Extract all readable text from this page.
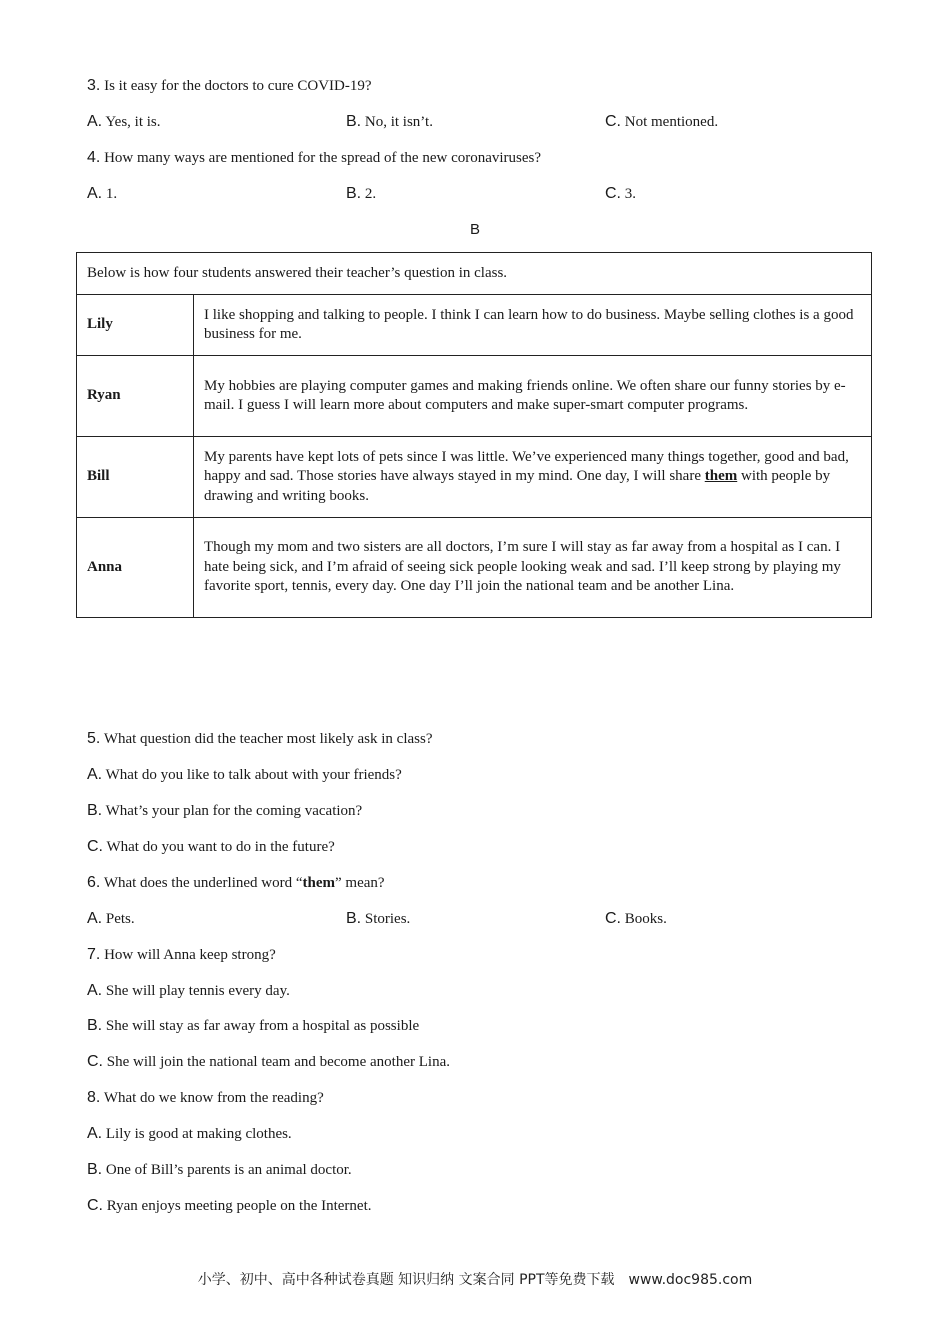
3. Is it easy for the doctors to cure COVID-19?
A. Yes, it is.	B. No, it isn’t.	C. Not mentioned.
4. How many ways are mentioned for the spread of the new coronaviruses?
A. 1.	B. 2.	C. 3.
B
Below is how four students answered their teacher’s question in class.	
Lily	I like shopping and talking to people. I think I can learn how to do business. Maybe selling clothes is a good business for me.
Ryan	My hobbies are playing computer games and making friends online. We often share our funny stories by e-mail. I guess I will learn more about computers and make super-smart computer programs.
Bill	My parents have kept lots of pets since I was little. We’ve experienced many things together, good and bad, happy and sad. Those stories have always stayed in my mind. One day, I will share them with people by drawing and writing books.
Anna	Though my mom and two sisters are all doctors, I’m sure I will stay as far away from a hospital as I can. I hate being sick, and I’m afraid of seeing sick people looking weak and sad. I’ll keep strong by playing my favorite sport, tennis, every day. One day I’ll join the national team and be another Lina.
5. What question did the teacher most likely ask in class?
A. What do you like to talk about with your friends?
B. What’s your plan for the coming vacation?
C. What do you want to do in the future?
6. What does the underlined word “them” mean?
A. Pets.	B. Stories.	C. Books.
7. How will Anna keep strong?
A. She will play tennis every day.
B. She will stay as far away from a hospital as possible
C. She will join the national team and become another Lina.
8. What do we know from the reading?
A. Lily is good at making clothes.
B. One of Bill’s parents is an animal doctor.
C. Ryan enjoys meeting people on the Internet.
小学、初中、高中各种试卷真题 知识归纳 文案合同 PPT等免费下载　www.doc985.com
